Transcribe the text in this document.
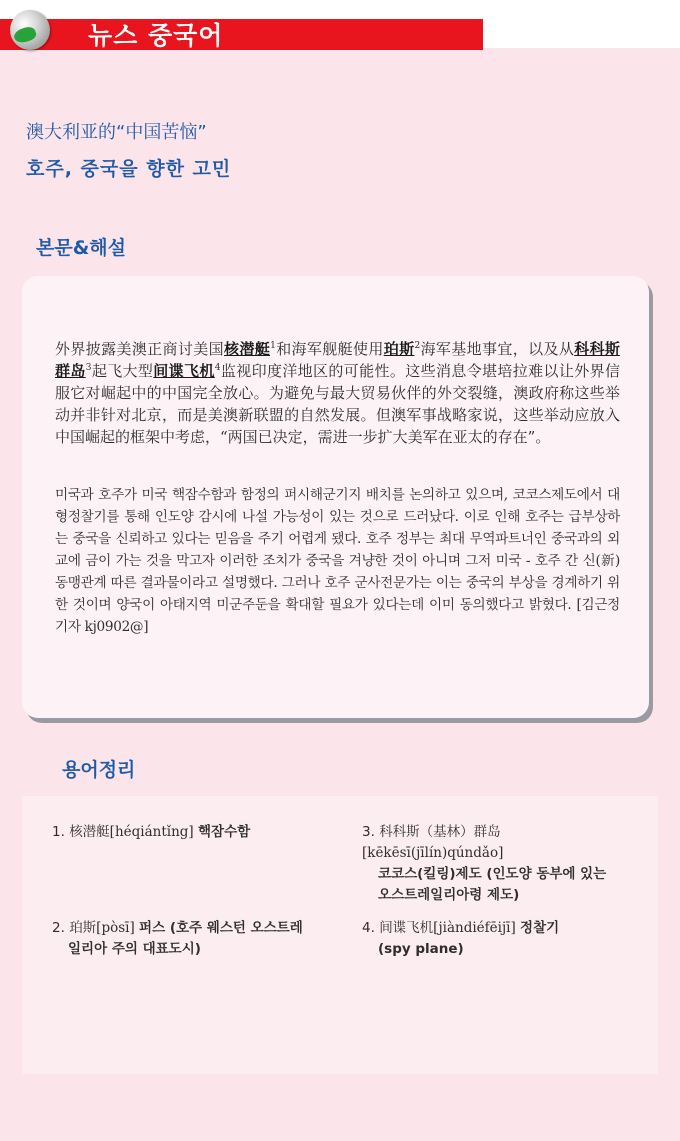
뉴스 중국어
澳大利亚的“中国苦恼”
호주, 중국을 향한 고민
본문&해설

外界披露美澳正商讨美国核潜艇$^1$和海军舰艇使用珀斯$^2$海军基地事宜，以及从科科斯群岛$^3$起飞大型间谍飞机$^4$监视印度洋地区的可能性。这些消息令堪培拉难以让外界信服它对崛起中的中国完全放心。为避免与最大贸易伙伴的外交裂缝，澳政府称这些举动并非针对北京，而是美澳新联盟的自然发展。但澳军事战略家说，这些举动应放入中国崛起的框架中考虑，“两国已决定，需进一步扩大美军在亚太的存在”。

미국과 호주가 미국 핵잠수함과 함정의 퍼시해군기지 배치를 논의하고 있으며, 코코스제도에서 대형정찰기를 통해 인도양 감시에 나설 가능성이 있는 것으로 드러났다. 이로 인해 호주는 급부상하는 중국을 신뢰하고 있다는 믿음을 주기 어렵게 됐다. 호주 정부는 최대 무역파트너인 중국과의 외교에 금이 가는 것을 막고자 이러한 조치가 중국을 겨냥한 것이 아니며 그저 미국 - 호주 간 신(新) 동맹관계 따른 결과물이라고 설명했다. 그러나 호주 군사전문가는 이는 중국의 부상을 경계하기 위한 것이며 양국이 아태지역 미군주둔을 확대할 필요가 있다는데 이미 동의했다고 밝혔다. [김근정 기자 kj0902@]

용어정리
1. 核潜艇[héqiántǐng] 핵잠수함
2. 珀斯[pòsī] 퍼스 (호주 웨스턴 오스트레
일리아 주의 대표도시)
3. 科科斯（基林）群岛[kēkēsī(jīlín)qúndǎo]
코코스(킬링)제도 (인도양 동부에 있는
오스트레일리아령 제도)
4. 间谍飞机[jiàndiéfēijī] 정찰기
(spy plane)
